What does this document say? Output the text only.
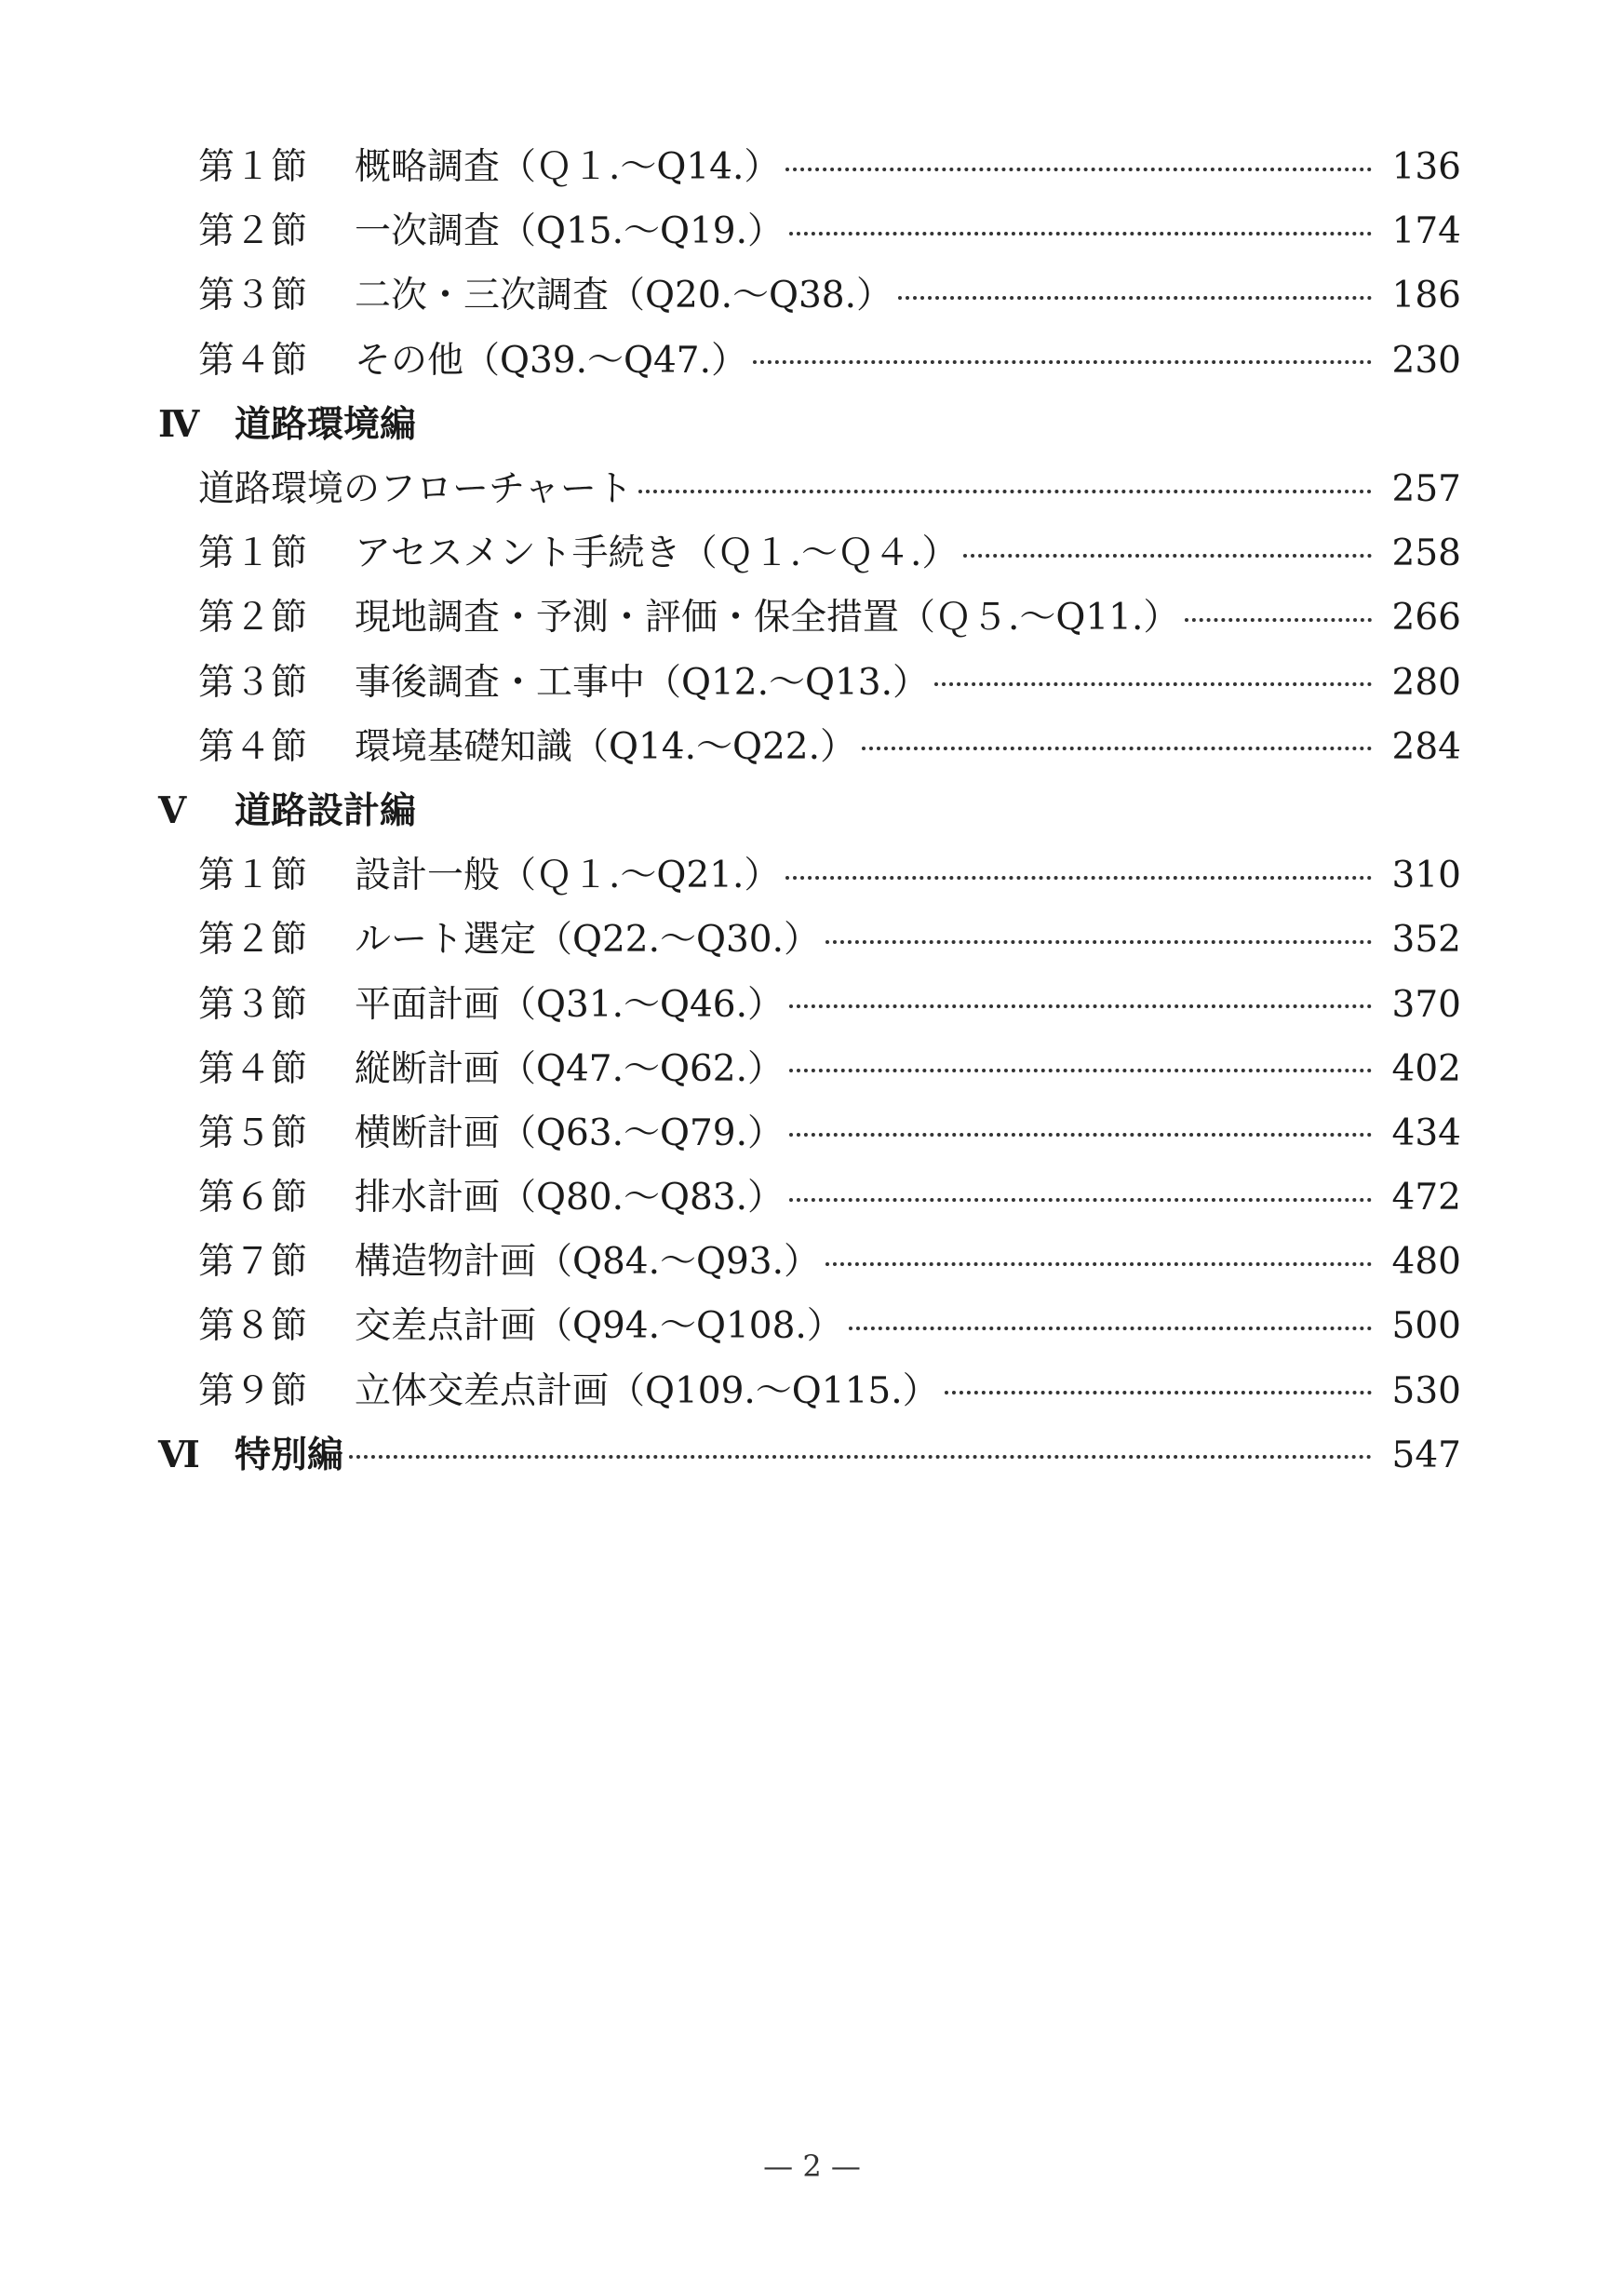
第１節	概略調査（Ｑ１.〜Q14.）	136
第２節	一次調査（Q15.〜Q19.）	174
第３節	二次・三次調査（Q20.〜Q38.）	186
第４節	その他（Q39.〜Q47.）	230
Ⅳ 道路環境編
道路環境のフローチャート	257
第１節	アセスメント手続き（Ｑ１.〜Ｑ４.）	258
第２節	現地調査・予測・評価・保全措置（Ｑ５.〜Q11.）	266
第３節	事後調査・工事中（Q12.〜Q13.）	280
第４節	環境基礎知識（Q14.〜Q22.）	284
Ⅴ	道路設計編
第１節	設計一般（Ｑ１.〜Q21.）	310
第２節	ルート選定（Q22.〜Q30.）	352
第３節	平面計画（Q31.〜Q46.）	370
第４節	縦断計画（Q47.〜Q62.）	402
第５節	横断計画（Q63.〜Q79.）	434
第６節	排水計画（Q80.〜Q83.）	472
第７節	構造物計画（Q84.〜Q93.）	480
第８節	交差点計画（Q94.〜Q108.）	500
第９節	立体交差点計画（Q109.〜Q115.）	530
Ⅵ 特別編	547
— 2 —
